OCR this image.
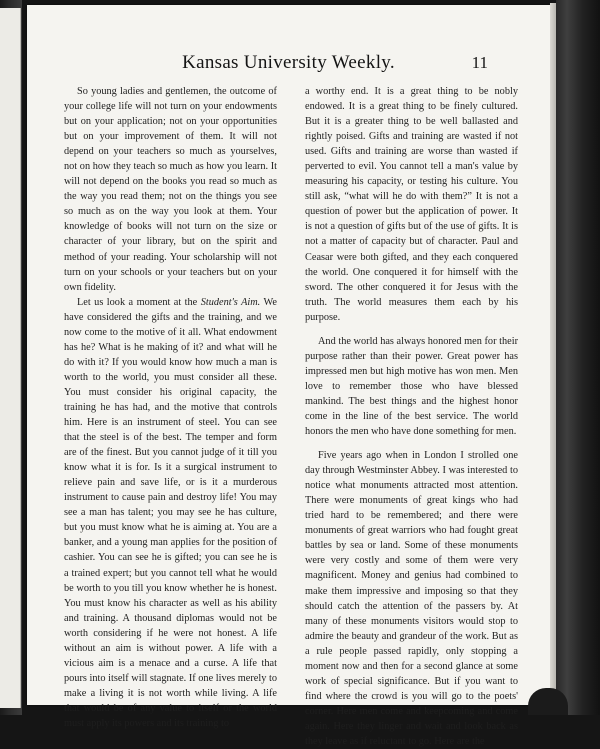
Kansas University Weekly.	11

So young ladies and gentlemen, the outcome of your college life will not turn on your endowments but on your application; not on your opportunities but on your improvement of them. It will not depend on your teachers so much as yourselves, not on how they teach so much as how you learn. It will not depend on the books you read so much as the way you read them; not on the things you see so much as on the way you look at them. Your knowledge of books will not turn on the size or character of your library, but on the spirit and method of your reading. Your scholarship will not turn on your schools or your teachers but on your own fidelity.

Let us look a moment at the Student's Aim. We have considered the gifts and the training, and we now come to the motive of it all. What endowment has he? What is he making of it? and what will he do with it? If you would know how much a man is worth to the world, you must consider all these. You must consider his original capacity, the training he has had, and the motive that controls him. Here is an instrument of steel. You can see that the steel is of the best. The temper and form are of the finest. But you cannot judge of it till you know what it is for. Is it a surgical instrument to relieve pain and save life, or is it a murderous instrument to cause pain and destroy life! You may see a man has talent; you may see he has culture, but you must know what he is aiming at. You are a banker, and a young man applies for the position of cashier. You can see he is gifted; you can see he is a trained expert; but you cannot tell what he would be worth to you till you know whether he is honest. You must know his character as well as his ability and training. A thousand diplomas would not be worth considering if he were not honest. A life without an aim is without power. A life with a vicious aim is a menace and a curse. A life that pours into itself will stagnate. If one lives merely to make a living it is not worth while living. A life that would be of any value to itself or the world must apply its powers and its training to

a worthy end. It is a great thing to be nobly endowed. It is a great thing to be finely cultured. But it is a greater thing to be well ballasted and rightly poised. Gifts and training are wasted if not used. Gifts and training are worse than wasted if perverted to evil. You cannot tell a man's value by measuring his capacity, or testing his culture. You still ask, “what will he do with them?” It is not a question of power but the application of power. It is not a question of gifts but of the use of gifts. It is not a matter of capacity but of character. Paul and Ceasar were both gifted, and they each conquered the world. One conquered it for himself with the sword. The other conquered it for Jesus with the truth. The world measures them each by his purpose.

And the world has always honored men for their purpose rather than their power. Great power has impressed men but high motive has won men. Men love to remember those who have blessed mankind. The best things and the highest honor come in the line of the best service. The world honors the men who have done something for men.

Five years ago when in London I strolled one day through Westminster Abbey. I was interested to notice what monuments attracted most attention. There were monuments of great kings who had tried hard to be remembered; and there were monuments of great warriors who had fought great battles by sea or land. Some of these monuments were very costly and some of them were very magnificent. Money and genius had combined to make them impressive and imposing so that they should catch the attention of the passers by. At many of these monuments visitors would stop to admire the beauty and grandeur of the work. But as a rule people passed rapidly, only stopping a moment now and then for a second glance at some work of special significance. But if you want to find where the crowd is you will go to the poets' corner. Here men come and keepcoming and come again. Here they linger and wait and look back as they leave as if reluctant to go. Here are the
